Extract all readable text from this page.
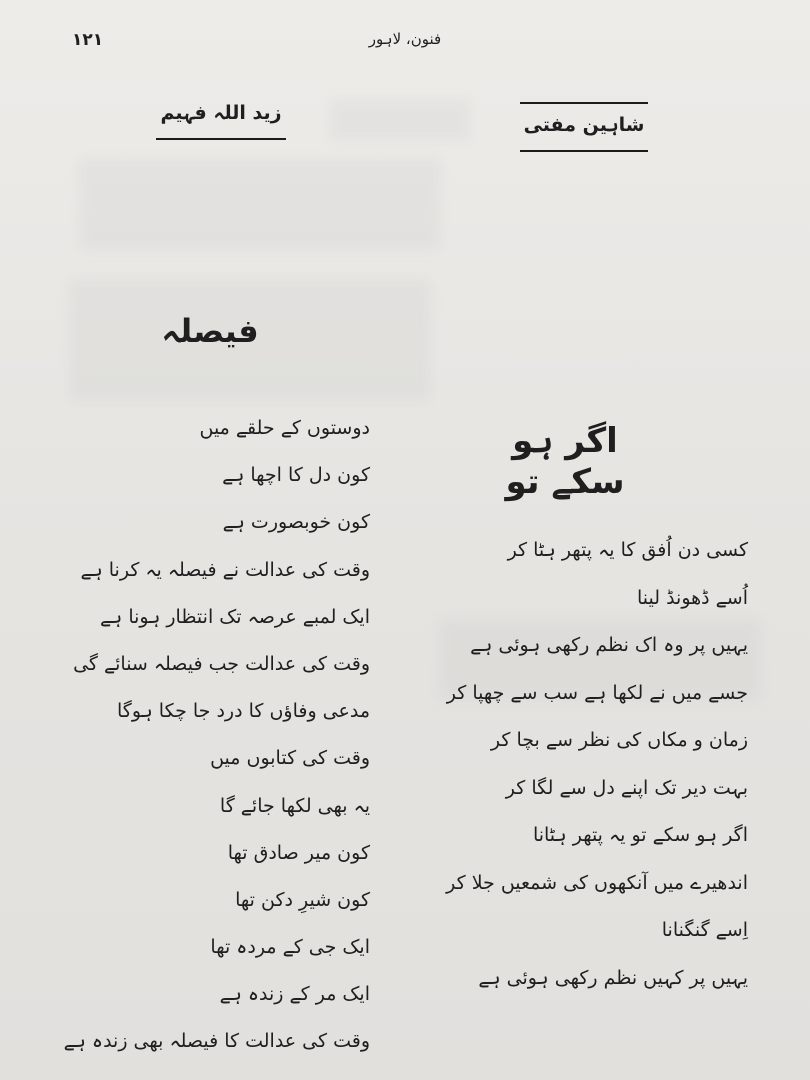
۱۲۱	فنون، لاہور
شاہین مفتی
زید اللہ فہیم
اگر ہو سکے تو
فیصلہ
کسی دن اُفق کا یہ پتھر ہٹا کر
اُسے ڈھونڈ لینا
یہیں پر وہ اک نظم رکھی ہوئی ہے
جسے میں نے لکھا ہے سب سے چھپا کر
زمان و مکاں کی نظر سے بچا کر
بہت دیر تک اپنے دل سے لگا کر
اگر ہو سکے تو یہ پتھر ہٹانا
اندھیرے میں آنکھوں کی شمعیں جلا کر
اِسے گنگنانا
یہیں پر کہیں نظم رکھی ہوئی ہے
دوستوں کے حلقے میں
کون دل کا اچھا ہے
کون خوبصورت ہے
وقت کی عدالت نے فیصلہ یہ کرنا ہے
ایک لمبے عرصہ تک انتظار ہونا ہے
وقت کی عدالت جب فیصلہ سنائے گی
مدعی وفاؤں کا درد جا چکا ہوگا
وقت کی کتابوں میں
یہ بھی لکھا جائے گا
کون میر صادق تھا
کون شیرِ دکن تھا
ایک جی کے مردہ تھا
ایک مر کے زندہ ہے
وقت کی عدالت کا فیصلہ بھی زندہ ہے
